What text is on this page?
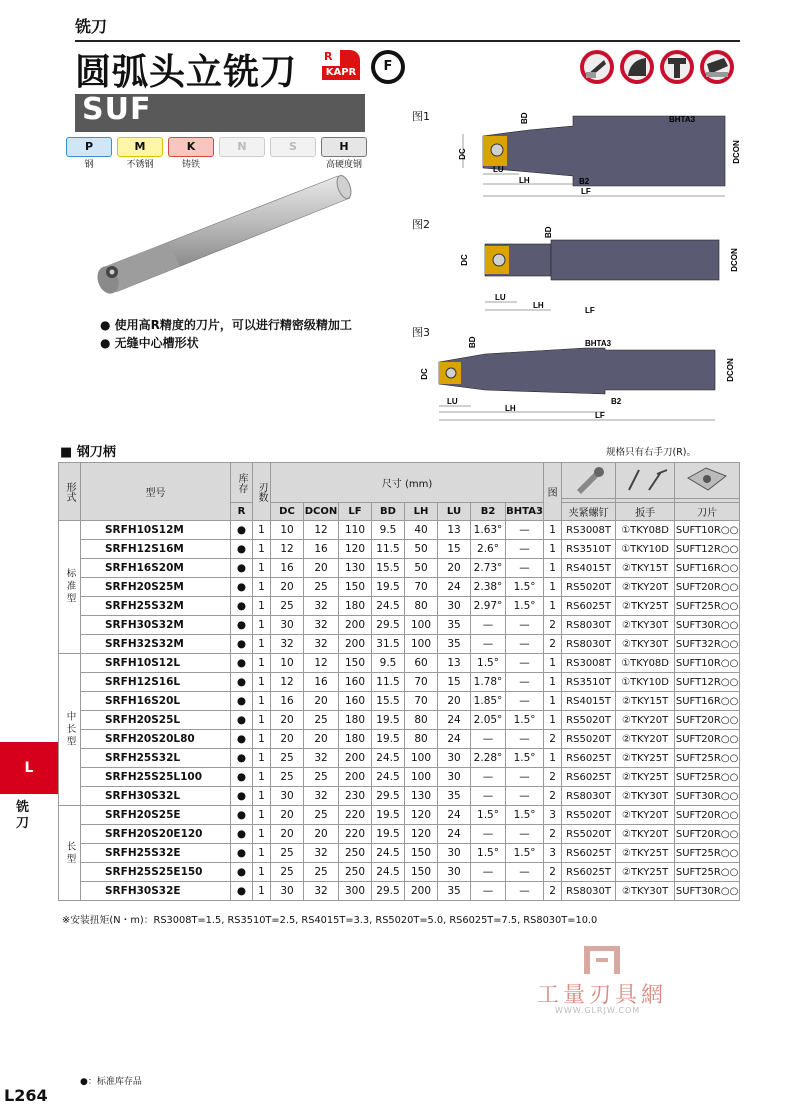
铣刀
圆弧头立铣刀 R
KAPR	F
SUF
P
钢
M
不锈钢
K
铸铁
N	S	H
高硬度钢
● 使用高R精度的刀片，可以进行精密级精加工
● 无缝中心槽形状
图1
图2
图3
DC
BD	BHTA3
DCON
LU
LH	B2
LF
DC
BD
DCON
LU
LH
LF
DC
BD	BHTA3
DCON
LU
LH
B2
LF
■ 钢刀柄	规格只有右手刀(R)。
形式	型号	库存	刃数	尺寸 (mm)								图			

		R		DC	DCON	LF	BD	LH	LU	B2	BHTA3		夹紧螺钉	扳手	刀片
标准型	SRFH10S12M	●	1	10	12	110	9.5	40	13	1.63°	—	1	RS3008T	①TKY08D	SUFT10R○○
	SRFH12S16M	●	1	12	16	120	11.5	50	15	2.6°	—	1	RS3510T	①TKY10D	SUFT12R○○
	SRFH16S20M	●	1	16	20	130	15.5	50	20	2.73°	—	1	RS4015T	②TKY15T	SUFT16R○○
	SRFH20S25M	●	1	20	25	150	19.5	70	24	2.38°	1.5°	1	RS5020T	②TKY20T	SUFT20R○○
	SRFH25S32M	●	1	25	32	180	24.5	80	30	2.97°	1.5°	1	RS6025T	②TKY25T	SUFT25R○○
	SRFH30S32M	●	1	30	32	200	29.5	100	35	—	—	2	RS8030T	②TKY30T	SUFT30R○○
	SRFH32S32M	●	1	32	32	200	31.5	100	35	—	—	2	RS8030T	②TKY30T	SUFT32R○○
中长型	SRFH10S12L	●	1	10	12	150	9.5	60	13	1.5°	—	1	RS3008T	①TKY08D	SUFT10R○○
	SRFH12S16L	●	1	12	16	160	11.5	70	15	1.78°	—	1	RS3510T	①TKY10D	SUFT12R○○
	SRFH16S20L	●	1	16	20	160	15.5	70	20	1.85°	—	1	RS4015T	②TKY15T	SUFT16R○○
	SRFH20S25L	●	1	20	25	180	19.5	80	24	2.05°	1.5°	1	RS5020T	②TKY20T	SUFT20R○○
	SRFH20S20L80	●	1	20	20	180	19.5	80	24	—	—	2	RS5020T	②TKY20T	SUFT20R○○
	SRFH25S32L	●	1	25	32	200	24.5	100	30	2.28°	1.5°	1	RS6025T	②TKY25T	SUFT25R○○
	SRFH25S25L100	●	1	25	25	200	24.5	100	30	—	—	2	RS6025T	②TKY25T	SUFT25R○○
	SRFH30S32L	●	1	30	32	230	29.5	130	35	—	—	2	RS8030T	②TKY30T	SUFT30R○○
长型	SRFH20S25E	●	1	20	25	220	19.5	120	24	1.5°	1.5°	3	RS5020T	②TKY20T	SUFT20R○○
	SRFH20S20E120	●	1	20	20	220	19.5	120	24	—	—	2	RS5020T	②TKY20T	SUFT20R○○
	SRFH25S32E	●	1	25	32	250	24.5	150	30	1.5°	1.5°	3	RS6025T	②TKY25T	SUFT25R○○
	SRFH25S25E150	●	1	25	25	250	24.5	150	30	—	—	2	RS6025T	②TKY25T	SUFT25R○○
	SRFH30S32E	●	1	30	32	300	29.5	200	35	—	—	2	RS8030T	②TKY30T	SUFT30R○○
※安装扭矩(N・m)：RS3008T=1.5, RS3510T=2.5, RS4015T=3.3, RS5020T=5.0, RS6025T=7.5, RS8030T=10.0
L
铣刀
工量刃具網
WWW.GLRJW.COM
●：标准库存品
L264
